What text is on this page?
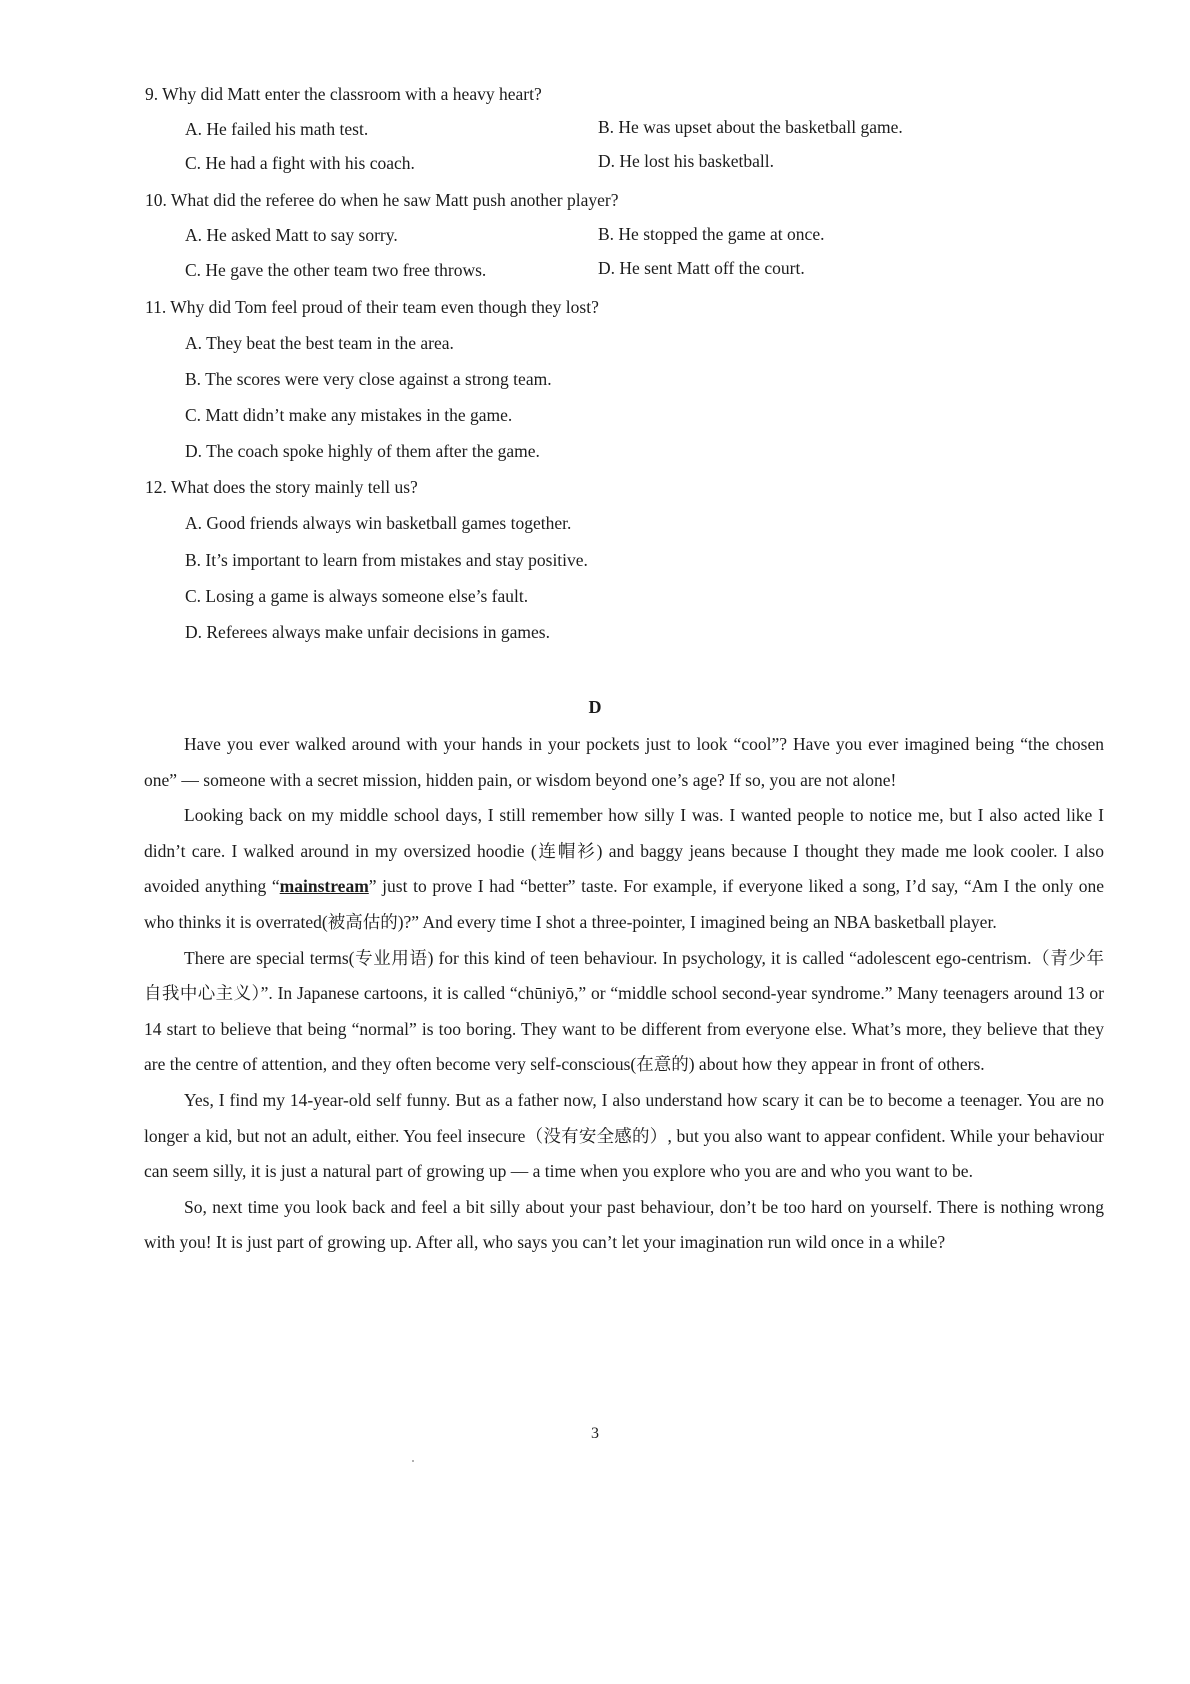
9. Why did Matt enter the classroom with a heavy heart?
A. He failed his math test.	B. He was upset about the basketball game.
C. He had a fight with his coach.	D. He lost his basketball.
10. What did the referee do when he saw Matt push another player?
A. He asked Matt to say sorry.	B. He stopped the game at once.
C. He gave the other team two free throws.	D. He sent Matt off the court.
11. Why did Tom feel proud of their team even though they lost?
A. They beat the best team in the area.
B. The scores were very close against a strong team.
C. Matt didn’t make any mistakes in the game.
D. The coach spoke highly of them after the game.
12. What does the story mainly tell us?
A. Good friends always win basketball games together.
B. It’s important to learn from mistakes and stay positive.
C. Losing a game is always someone else’s fault.
D. Referees always make unfair decisions in games.
D

Have you ever walked around with your hands in your pockets just to look “cool”? Have you ever imagined being “the chosen one” — someone with a secret mission, hidden pain, or wisdom beyond one’s age? If so, you are not alone!

Looking back on my middle school days, I still remember how silly I was. I wanted people to notice me, but I also acted like I didn’t care. I walked around in my oversized hoodie (连帽衫) and baggy jeans because I thought they made me look cooler. I also avoided anything “mainstream” just to prove I had “better” taste. For example, if everyone liked a song, I’d say, “Am I the only one who thinks it is overrated(被高估的)?” And every time I shot a three-pointer, I imagined being an NBA basketball player.

There are special terms(专业用语) for this kind of teen behaviour. In psychology, it is called “adolescent ego-centrism.（青少年自我中心主义）”. In Japanese cartoons, it is called “chūniyō,” or “middle school second-year syndrome.” Many teenagers around 13 or 14 start to believe that being “normal” is too boring. They want to be different from everyone else. What’s more, they believe that they are the centre of attention, and they often become very self-conscious(在意的) about how they appear in front of others.

Yes, I find my 14-year-old self funny. But as a father now, I also understand how scary it can be to become a teenager. You are no longer a kid, but not an adult, either. You feel insecure（没有安全感的）, but you also want to appear confident. While your behaviour can seem silly, it is just a natural part of growing up — a time when you explore who you are and who you want to be.

So, next time you look back and feel a bit silly about your past behaviour, don’t be too hard on yourself. There is nothing wrong with you! It is just part of growing up. After all, who says you can’t let your imagination run wild once in a while?

3
